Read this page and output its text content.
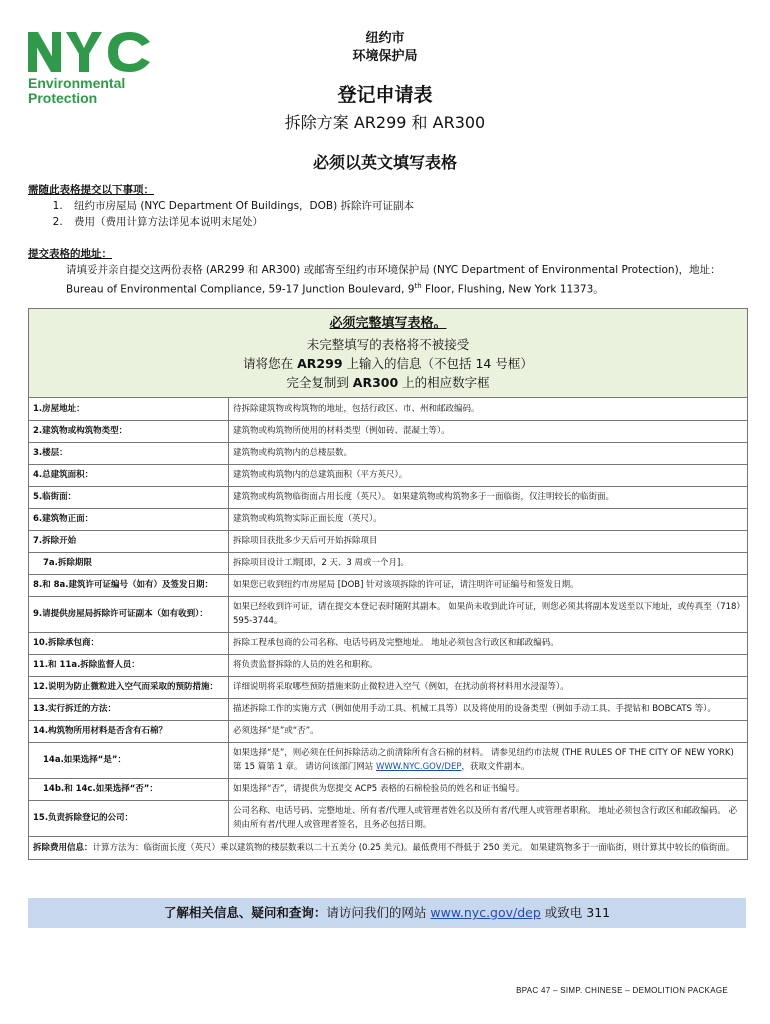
Environmental
Protection
纽约市
环境保护局
登记申请表
拆除方案 AR299 和 AR300
必须以英文填写表格
需随此表格提交以下事项：
1. 纽约市房屋局 (NYC Department Of Buildings，DOB) 拆除许可证副本
2. 费用（费用计算方法详见本说明末尾处）
提交表格的地址：

请填妥并亲自提交这两份表格 (AR299 和 AR300) 或邮寄至纽约市环境保护局 (NYC Department of Environmental Protection)，地址：

Bureau of Environmental Compliance, 59-17 Junction Boulevard, 9th Floor, Flushing, New York 11373。

必须完整填写表格。
未完整填写的表格将不被接受
请将您在 AR299 上输入的信息（不包括 14 号框）
完全复制到 AR300 上的相应数字框
1.房屋地址：	待拆除建筑物或构筑物的地址，包括行政区、市、州和邮政编码。
2.建筑物或构筑物类型：	建筑物或构筑物所使用的材料类型（例如砖、混凝土等）。
3.楼层：	建筑物或构筑物内的总楼层数。
4.总建筑面积：	建筑物或构筑物内的总建筑面积（平方英尺）。
5.临街面：	建筑物或构筑物临街面占用长度（英尺）。 如果建筑物或构筑物多于一面临街，仅注明较长的临街面。
6.建筑物正面：	建筑物或构筑物实际正面长度（英尺）。
7.拆除开始	拆除项目获批多少天后可开始拆除项目
7a.拆除期限	拆除项目设计工期[即，2 天、3 周或一个月]。
8.和 8a.建筑许可证编号（如有）及签发日期：	如果您已收到纽约市房屋局 [DOB] 针对该项拆除的许可证，请注明许可证编号和签发日期。
9.请提供房屋局拆除许可证副本（如有收到）：	如果已经收到许可证，请在提交本登记表时随附其副本。 如果尚未收到此许可证，则您必须其将副本发送至以下地址，或传真至（718）595-3744。
10.拆除承包商：	拆除工程承包商的公司名称、电话号码及完整地址。 地址必须包含行政区和邮政编码。
11.和 11a.拆除监督人员：	将负责监督拆除的人员的姓名和职称。
12.说明为防止微粒进入空气而采取的预防措施：	详细说明将采取哪些预防措施来防止微粒进入空气（例如，在扰动前将材料用水浸湿等）。
13.实行拆迁的方法：	描述拆除工作的实施方式（例如使用手动工具、机械工具等）以及将使用的设备类型（例如手动工具、手提钻和 BOBCATS 等）。
14.构筑物所用材料是否含有石棉？	必须选择“是”或“否”。
14a.如果选择“是”：	如果选择“是”，则必须在任何拆除活动之前清除所有含石棉的材料。 请参见纽约市法规 (THE RULES OF THE CITY OF NEW YORK) 第 15 篇第 1 章。 请访问该部门网站 WWW.NYC.GOV/DEP，获取文件副本。
14b.和 14c.如果选择“否”：	如果选择“否”，请提供为您提交 ACP5 表格的石棉检验员的姓名和证书编号。
15.负责拆除登记的公司：	公司名称、电话号码、完整地址、所有者/代理人或管理者姓名以及所有者/代理人或管理者职称。 地址必须包含行政区和邮政编码。 必须由所有者/代理人或管理者签名，且务必包括日期。
拆除费用信息：计算方法为：临街面长度（英尺）乘以建筑物的楼层数乘以二十五美分 (0.25 美元)。最低费用不得低于 250 美元。 如果建筑物多于一面临街，则计算其中较长的临街面。
了解相关信息、疑问和查询：请访问我们的网站 www.nyc.gov/dep 或致电 311
BPAC 47 – SIMP. CHINESE – DEMOLITION PACKAGE
